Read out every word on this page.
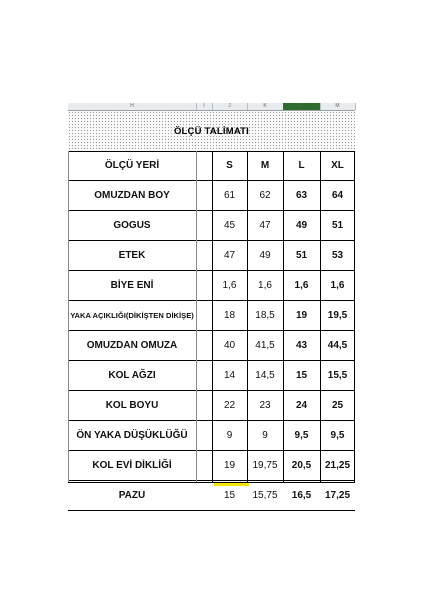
H	I	J	K	L	M
ÖLÇÜ TALİMATI
ÖLÇÜ YERİ	S	M	L	XL
OMUZDAN BOY	61	62	63	64
GOGUS	45	47	49	51
ETEK	47	49	51	53
BİYE ENİ	1,6	1,6	1,6	1,6
YAKA AÇIKLIĞI(DİKİŞTEN DİKİŞE)	18	18,5	19	19,5
OMUZDAN OMUZA	40	41,5	43	44,5
KOL AĞZI	14	14,5	15	15,5
KOL BOYU	22	23	24	25
ÖN YAKA DÜŞÜKLÜĞÜ	9	9	9,5	9,5
KOL EVİ DİKLİĞİ	19	19,75	20,5	21,25
PAZU	15	15,75	16,5	17,25
